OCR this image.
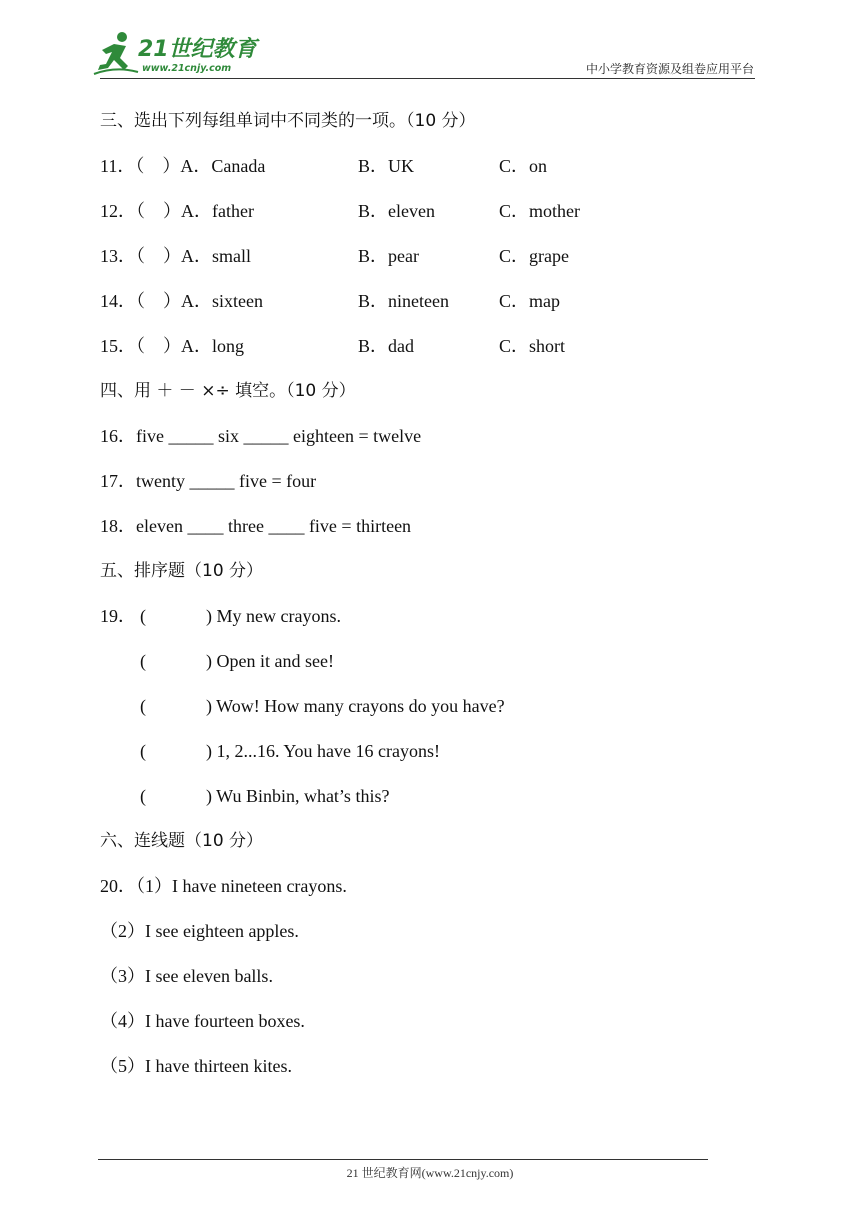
21世纪教育
www.21cnjy.com	中小学教育资源及组卷应用平台
三、选出下列每组单词中不同类的一项。（10 分）
11．（　）A．Canada	B．UK	C．on
12．（　）A．father	B．eleven	C．mother
13．（　）A．small	B．pear	C．grape
14．（　）A．sixteen	B．nineteen	C．map
15．（　）A．long	B．dad	C．short
四、用 ＋ － ×÷ 填空。（10 分）
16．five _____ six _____ eighteen = twelve
17．twenty _____ five = four
18．eleven ____ three ____ five = thirteen
五、排序题（10 分）
19． (	) My new crayons.
(	) Open it and see!
(	) Wow! How many crayons do you have?
(	) 1, 2...16. You have 16 crayons!
(	) Wu Binbin, what’s this?
六、连线题（10 分）
20．（1）I have nineteen crayons.
（2）I see eighteen apples.
（3）I see eleven balls.
（4）I have fourteen boxes.
（5）I have thirteen kites.
21 世纪教育网(www.21cnjy.com)
